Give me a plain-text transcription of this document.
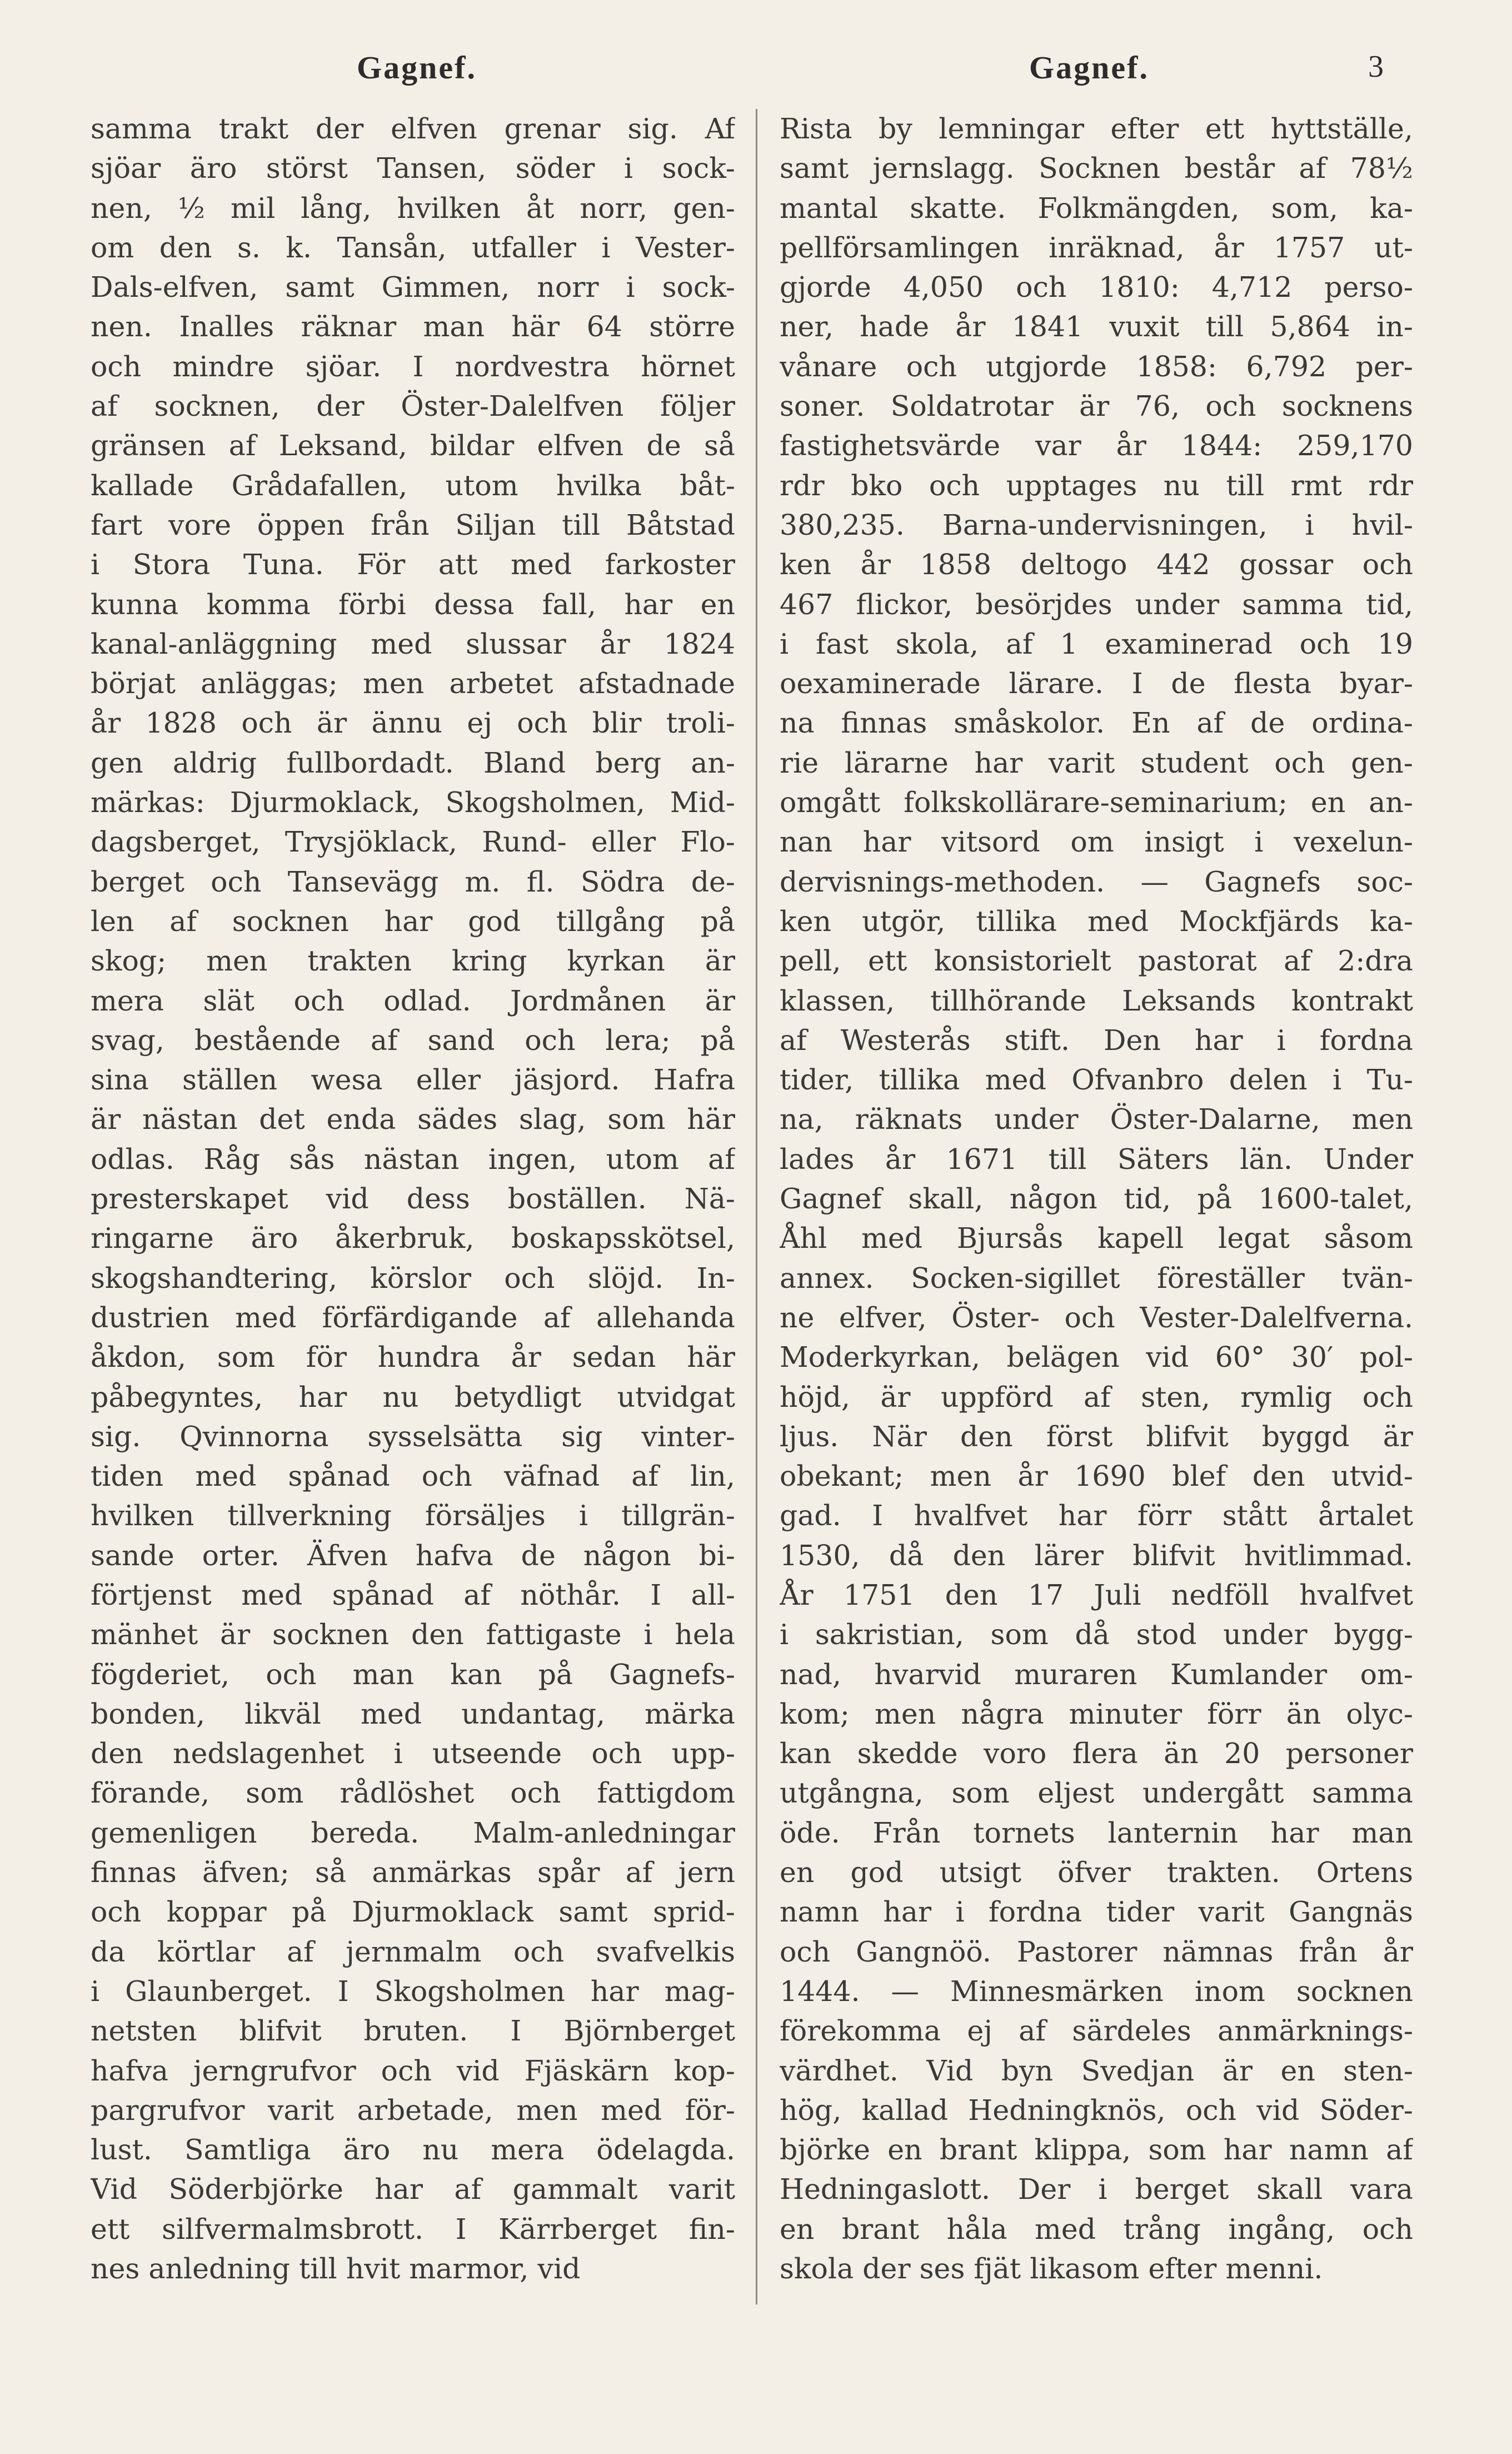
Gagnef.	Gagnef.	3
samma trakt der elfven grenar sig. Af
sjöar äro störst Tansen, söder i sock-
nen, ½ mil lång, hvilken åt norr, gen-
om den s. k. Tansån, utfaller i Vester-
Dals-elfven, samt Gimmen, norr i sock-
nen. Inalles räknar man här 64 större
och mindre sjöar. I nordvestra hörnet
af socknen, der Öster-Dalelfven följer
gränsen af Leksand, bildar elfven de så
kallade Grådafallen, utom hvilka båt-
fart vore öppen från Siljan till Båtstad
i Stora Tuna. För att med farkoster
kunna komma förbi dessa fall, har en
kanal-anläggning med slussar år 1824
börjat anläggas; men arbetet afstadnade
år 1828 och är ännu ej och blir troli-
gen aldrig fullbordadt. Bland berg an-
märkas: Djurmoklack, Skogsholmen, Mid-
dagsberget, Trysjöklack, Rund- eller Flo-
berget och Tansevägg m. fl. Södra de-
len af socknen har god tillgång på
skog; men trakten kring kyrkan är
mera slät och odlad. Jordmånen är
svag, bestående af sand och lera; på
sina ställen wesa eller jäsjord. Hafra
är nästan det enda sädes slag, som här
odlas. Råg sås nästan ingen, utom af
presterskapet vid dess boställen. Nä-
ringarne äro åkerbruk, boskapsskötsel,
skogshandtering, körslor och slöjd. In-
dustrien med förfärdigande af allehanda
åkdon, som för hundra år sedan här
påbegyntes, har nu betydligt utvidgat
sig. Qvinnorna sysselsätta sig vinter-
tiden med spånad och väfnad af lin,
hvilken tillverkning försäljes i tillgrän-
sande orter. Äfven hafva de någon bi-
förtjenst med spånad af nöthår. I all-
mänhet är socknen den fattigaste i hela
fögderiet, och man kan på Gagnefs-
bonden, likväl med undantag, märka
den nedslagenhet i utseende och upp-
förande, som rådlöshet och fattigdom
gemenligen bereda. Malm-anledningar
finnas äfven; så anmärkas spår af jern
och koppar på Djurmoklack samt sprid-
da körtlar af jernmalm och svafvelkis
i Glaunberget. I Skogsholmen har mag-
netsten blifvit bruten. I Björnberget
hafva jerngrufvor och vid Fjäskärn kop-
pargrufvor varit arbetade, men med för-
lust. Samtliga äro nu mera ödelagda.
Vid Söderbjörke har af gammalt varit
ett silfvermalmsbrott. I Kärrberget fin-
nes anledning till hvit marmor, vid
Rista by lemningar efter ett hyttställe,
samt jernslagg. Socknen består af 78½
mantal skatte. Folkmängden, som, ka-
pellförsamlingen inräknad, år 1757 ut-
gjorde 4,050 och 1810: 4,712 perso-
ner, hade år 1841 vuxit till 5,864 in-
vånare och utgjorde 1858: 6,792 per-
soner. Soldatrotar är 76, och socknens
fastighetsvärde var år 1844: 259,170
rdr bko och upptages nu till rmt rdr
380,235. Barna-undervisningen, i hvil-
ken år 1858 deltogo 442 gossar och
467 flickor, besörjdes under samma tid,
i fast skola, af 1 examinerad och 19
oexaminerade lärare. I de flesta byar-
na finnas småskolor. En af de ordina-
rie lärarne har varit student och gen-
omgått folkskollärare-seminarium; en an-
nan har vitsord om insigt i vexelun-
dervisnings-methoden. — Gagnefs soc-
ken utgör, tillika med Mockfjärds ka-
pell, ett konsistorielt pastorat af 2:dra
klassen, tillhörande Leksands kontrakt
af Westerås stift. Den har i fordna
tider, tillika med Ofvanbro delen i Tu-
na, räknats under Öster-Dalarne, men
lades år 1671 till Säters län. Under
Gagnef skall, någon tid, på 1600-talet,
Åhl med Bjursås kapell legat såsom
annex. Socken-sigillet föreställer tvän-
ne elfver, Öster- och Vester-Dalelfverna.
Moderkyrkan, belägen vid 60° 30′ pol-
höjd, är uppförd af sten, rymlig och
ljus. När den först blifvit byggd är
obekant; men år 1690 blef den utvid-
gad. I hvalfvet har förr stått årtalet
1530, då den lärer blifvit hvitlimmad.
År 1751 den 17 Juli nedföll hvalfvet
i sakristian, som då stod under bygg-
nad, hvarvid muraren Kumlander om-
kom; men några minuter förr än olyc-
kan skedde voro flera än 20 personer
utgångna, som eljest undergått samma
öde. Från tornets lanternin har man
en god utsigt öfver trakten. Ortens
namn har i fordna tider varit Gangnäs
och Gangnöö. Pastorer nämnas från år
1444. — Minnesmärken inom socknen
förekomma ej af särdeles anmärknings-
värdhet. Vid byn Svedjan är en sten-
hög, kallad Hedningknös, och vid Söder-
björke en brant klippa, som har namn af
Hedningaslott. Der i berget skall vara
en brant håla med trång ingång, och
skola der ses fjät likasom efter menni.
